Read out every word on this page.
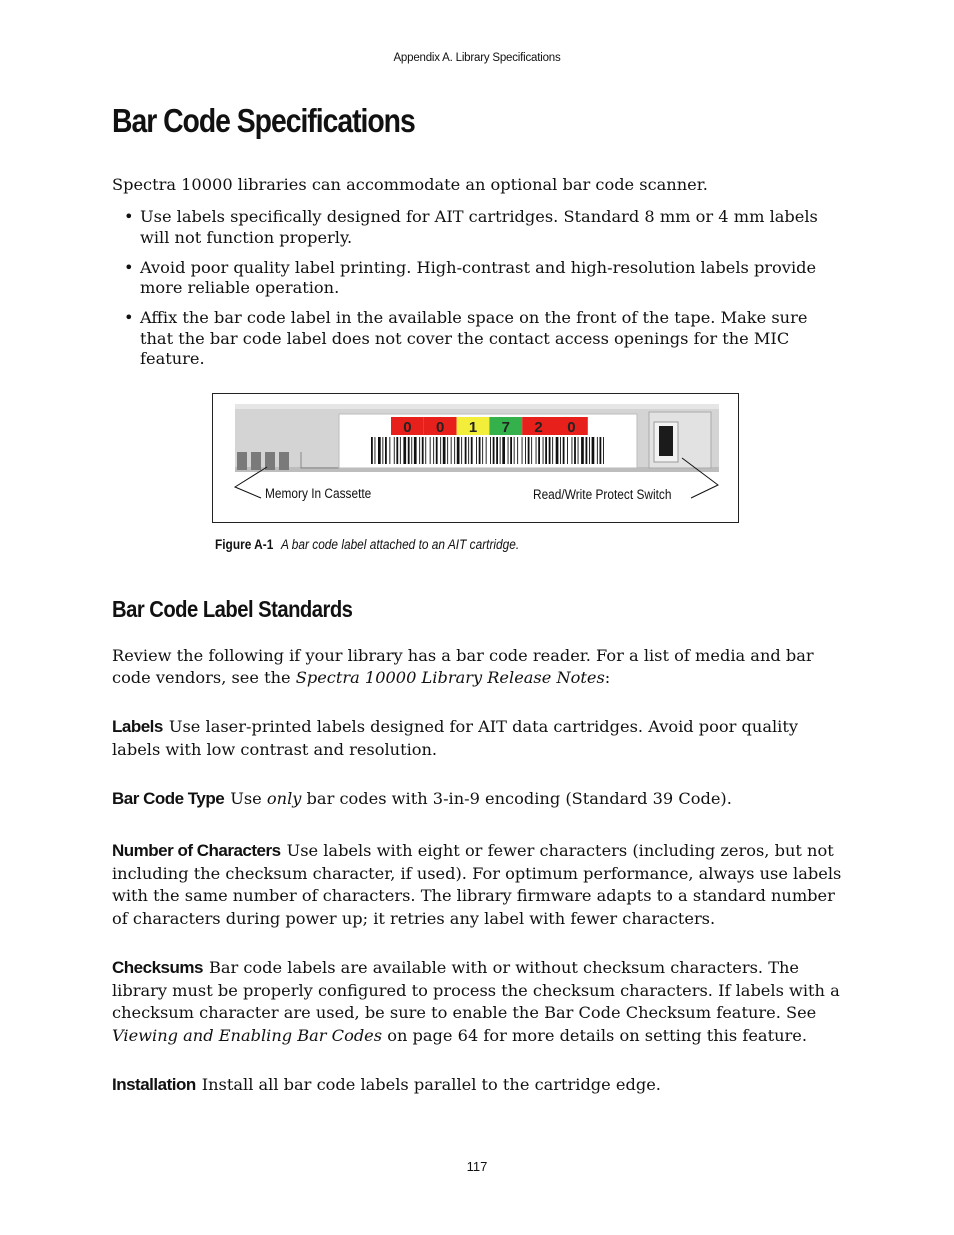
Appendix A. Library Specifications
Bar Code Specifications

Spectra 10000 libraries can accommodate an optional bar code scanner.

• Use labels specifically designed for AIT cartridges. Standard 8 mm or 4 mm labels will not function properly.
• Avoid poor quality label printing. High-contrast and high-resolution labels provide more reliable operation.
• Affix the bar code label in the available space on the front of the tape. Make sure that the bar code label does not cover the contact access openings for the MIC feature.
0 0 1 7 2 0
Memory In Cassette	Read/Write Protect Switch
Figure A-1 A bar code label attached to an AIT cartridge.
Bar Code Label Standards

Review the following if your library has a bar code reader. For a list of media and bar code vendors, see the Spectra 10000 Library Release Notes:

Labels Use laser-printed labels designed for AIT data cartridges. Avoid poor quality labels with low contrast and resolution.

Bar Code Type Use only bar codes with 3-in-9 encoding (Standard 39 Code).

Number of Characters Use labels with eight or fewer characters (including zeros, but not including the checksum character, if used). For optimum performance, always use labels with the same number of characters. The library firmware adapts to a standard number of characters during power up; it retries any label with fewer characters.

Checksums Bar code labels are available with or without checksum characters. The library must be properly configured to process the checksum characters. If labels with a checksum character are used, be sure to enable the Bar Code Checksum feature. See Viewing and Enabling Bar Codes on page 64 for more details on setting this feature.

Installation Install all bar code labels parallel to the cartridge edge.

117
